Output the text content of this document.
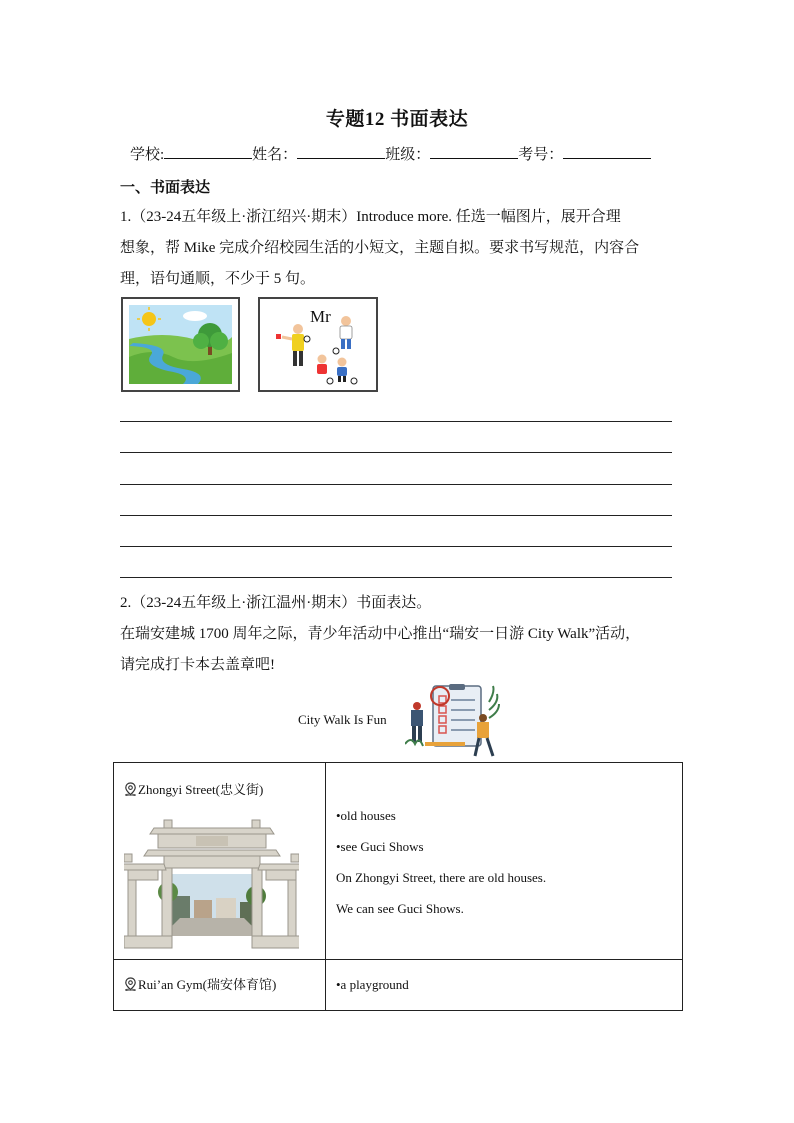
专题12 书面表达
学校:	姓名：	班级：	考号：
一、书面表达
1.（23-24五年级上·浙江绍兴·期末）Introduce more. 任选一幅图片，展开合理
想象，帮 Mike 完成介绍校园生活的小短文，主题自拟。要求书写规范，内容合
理，语句通顺，不少于 5 句。
Mr
2.（23-24五年级上·浙江温州·期末）书面表达。
在瑞安建城 1700 周年之际，青少年活动中心推出“瑞安一日游 City Walk”活动，
请完成打卡本去盖章吧!
City Walk Is Fun
Zhongyi Street(忠义街)	•old houses
•see Guci Shows
On Zhongyi Street, there are old houses.
We can see Guci Shows.

Rui’an Gym(瑞安体育馆)	•a playground
